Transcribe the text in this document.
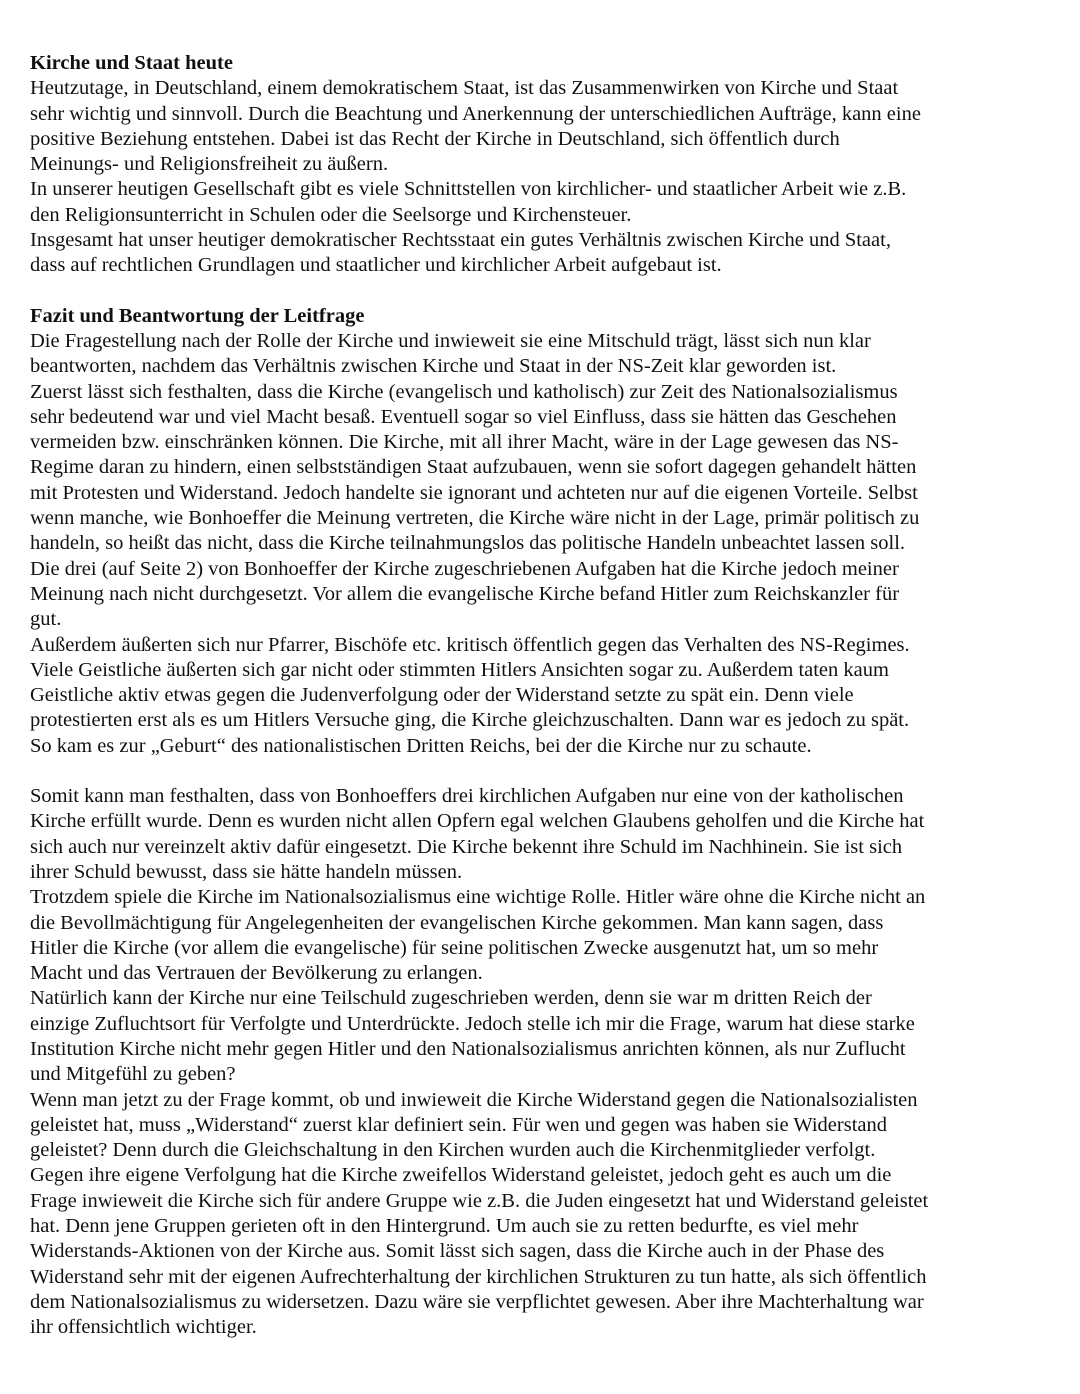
Kirche und Staat heute

Heutzutage, in Deutschland, einem demokratischem Staat, ist das Zusammenwirken von Kirche und Staat

sehr wichtig und sinnvoll. Durch die Beachtung und Anerkennung der unterschiedlichen Aufträge, kann eine

positive Beziehung entstehen. Dabei ist das Recht der Kirche in Deutschland, sich öffentlich durch

Meinungs- und Religionsfreiheit zu äußern.

In unserer heutigen Gesellschaft gibt es viele Schnittstellen von kirchlicher- und staatlicher Arbeit wie z.B.

den Religionsunterricht in Schulen oder die Seelsorge und Kirchensteuer.

Insgesamt hat unser heutiger demokratischer Rechtsstaat ein gutes Verhältnis zwischen Kirche und Staat,

dass auf rechtlichen Grundlagen und staatlicher und kirchlicher Arbeit aufgebaut ist.

Fazit und Beantwortung der Leitfrage

Die Fragestellung nach der Rolle der Kirche und inwieweit sie eine Mitschuld trägt, lässt sich nun klar

beantworten, nachdem das Verhältnis zwischen Kirche und Staat in der NS-Zeit klar geworden ist.

Zuerst lässt sich festhalten, dass die Kirche (evangelisch und katholisch) zur Zeit des Nationalsozialismus

sehr bedeutend war und viel Macht besaß. Eventuell sogar so viel Einfluss, dass sie hätten das Geschehen

vermeiden bzw. einschränken können. Die Kirche, mit all ihrer Macht, wäre in der Lage gewesen das NS-

Regime daran zu hindern, einen selbstständigen Staat aufzubauen, wenn sie sofort dagegen gehandelt hätten

mit Protesten und Widerstand. Jedoch handelte sie ignorant und achteten nur auf die eigenen Vorteile. Selbst

wenn manche, wie Bonhoeffer die Meinung vertreten, die Kirche wäre nicht in der Lage, primär politisch zu

handeln, so heißt das nicht, dass die Kirche teilnahmungslos das politische Handeln unbeachtet lassen soll.

Die drei (auf Seite 2) von Bonhoeffer der Kirche zugeschriebenen Aufgaben hat die Kirche jedoch meiner

Meinung nach nicht durchgesetzt. Vor allem die evangelische Kirche befand Hitler zum Reichskanzler für

gut.

Außerdem äußerten sich nur Pfarrer, Bischöfe etc. kritisch öffentlich gegen das Verhalten des NS-Regimes.

Viele Geistliche äußerten sich gar nicht oder stimmten Hitlers Ansichten sogar zu. Außerdem taten kaum

Geistliche aktiv etwas gegen die Judenverfolgung oder der Widerstand setzte zu spät ein. Denn viele

protestierten erst als es um Hitlers Versuche ging, die Kirche gleichzuschalten. Dann war es jedoch zu spät.

So kam es zur „Geburt“ des nationalistischen Dritten Reichs, bei der die Kirche nur zu schaute.

Somit kann man festhalten, dass von Bonhoeffers drei kirchlichen Aufgaben nur eine von der katholischen

Kirche erfüllt wurde. Denn es wurden nicht allen Opfern egal welchen Glaubens geholfen und die Kirche hat

sich auch nur vereinzelt aktiv dafür eingesetzt. Die Kirche bekennt ihre Schuld im Nachhinein. Sie ist sich

ihrer Schuld bewusst, dass sie hätte handeln müssen.

Trotzdem spiele die Kirche im Nationalsozialismus eine wichtige Rolle. Hitler wäre ohne die Kirche nicht an

die Bevollmächtigung für Angelegenheiten der evangelischen Kirche gekommen. Man kann sagen, dass

Hitler die Kirche (vor allem die evangelische) für seine politischen Zwecke ausgenutzt hat, um so mehr

Macht und das Vertrauen der Bevölkerung zu erlangen.

Natürlich kann der Kirche nur eine Teilschuld zugeschrieben werden, denn sie war m dritten Reich der

einzige Zufluchtsort für Verfolgte und Unterdrückte. Jedoch stelle ich mir die Frage, warum hat diese starke

Institution Kirche nicht mehr gegen Hitler und den Nationalsozialismus anrichten können, als nur Zuflucht

und Mitgefühl zu geben?

Wenn man jetzt zu der Frage kommt, ob und inwieweit die Kirche Widerstand gegen die Nationalsozialisten

geleistet hat, muss „Widerstand“ zuerst klar definiert sein. Für wen und gegen was haben sie Widerstand

geleistet? Denn durch die Gleichschaltung in den Kirchen wurden auch die Kirchenmitglieder verfolgt.

Gegen ihre eigene Verfolgung hat die Kirche zweifellos Widerstand geleistet, jedoch geht es auch um die

Frage inwieweit die Kirche sich für andere Gruppe wie z.B. die Juden eingesetzt hat und Widerstand geleistet

hat. Denn jene Gruppen gerieten oft in den Hintergrund. Um auch sie zu retten bedurfte, es viel mehr

Widerstands-Aktionen von der Kirche aus. Somit lässt sich sagen, dass die Kirche auch in der Phase des

Widerstand sehr mit der eigenen Aufrechterhaltung der kirchlichen Strukturen zu tun hatte, als sich öffentlich

dem Nationalsozialismus zu widersetzen. Dazu wäre sie verpflichtet gewesen. Aber ihre Machterhaltung war

ihr offensichtlich wichtiger.
